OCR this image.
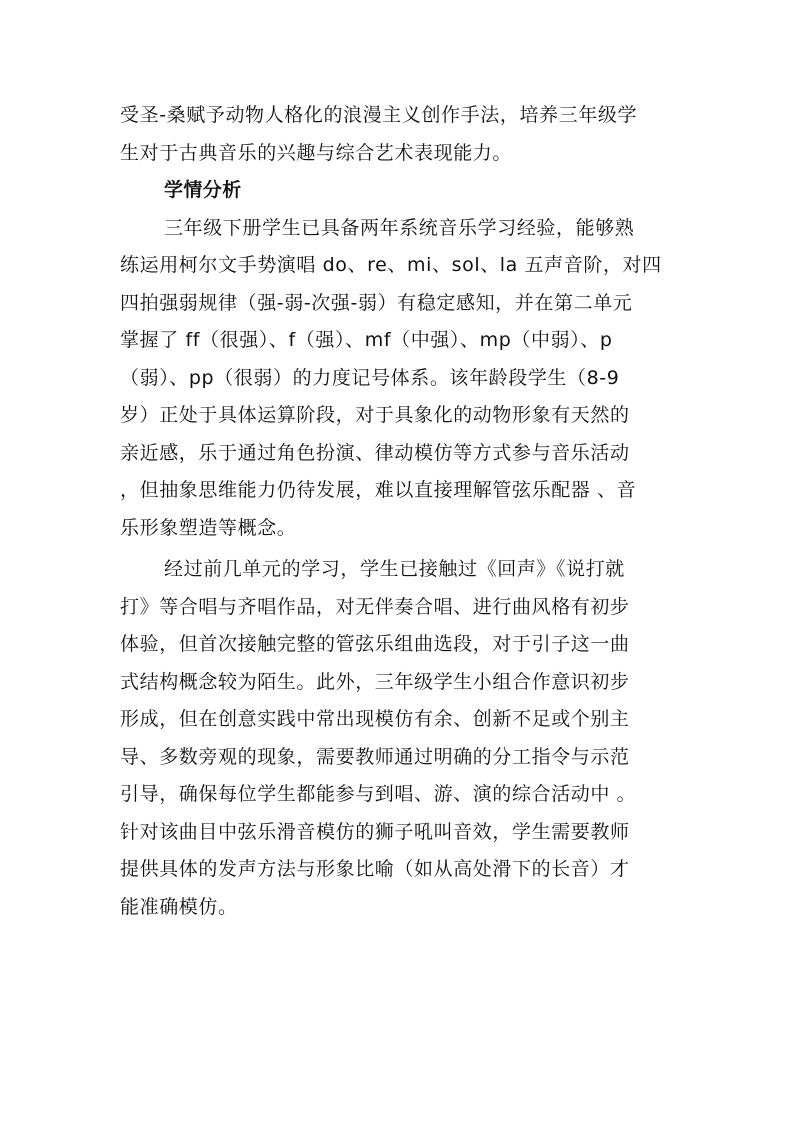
受圣-桑赋予动物人格化的浪漫主义创作手法，培养三年级学
生对于古典音乐的兴趣与综合艺术表现能力。
学情分析
三年级下册学生已具备两年系统音乐学习经验，能够熟
练运用柯尔文手势演唱 do、re、mi、sol、la 五声音阶，对四
四拍强弱规律（强-弱-次强-弱）有稳定感知，并在第二单元
掌握了 ff（很强）、f（强）、mf（中强）、mp（中弱）、p
（弱）、pp（很弱）的力度记号体系。该年龄段学生（8-9
岁）正处于具体运算阶段，对于具象化的动物形象有天然的
亲近感，乐于通过角色扮演、律动模仿等方式参与音乐活动
，但抽象思维能力仍待发展，难以直接理解管弦乐配器 、音
乐形象塑造等概念。
经过前几单元的学习，学生已接触过《回声》《说打就
打》等合唱与齐唱作品，对无伴奏合唱、进行曲风格有初步
体验，但首次接触完整的管弦乐组曲选段，对于引子这一曲
式结构概念较为陌生。此外，三年级学生小组合作意识初步
形成，但在创意实践中常出现模仿有余、创新不足或个别主
导、多数旁观的现象，需要教师通过明确的分工指令与示范
引导，确保每位学生都能参与到唱、游、演的综合活动中 。
针对该曲目中弦乐滑音模仿的狮子吼叫音效，学生需要教师
提供具体的发声方法与形象比喻（如从高处滑下的长音）才
能准确模仿。
